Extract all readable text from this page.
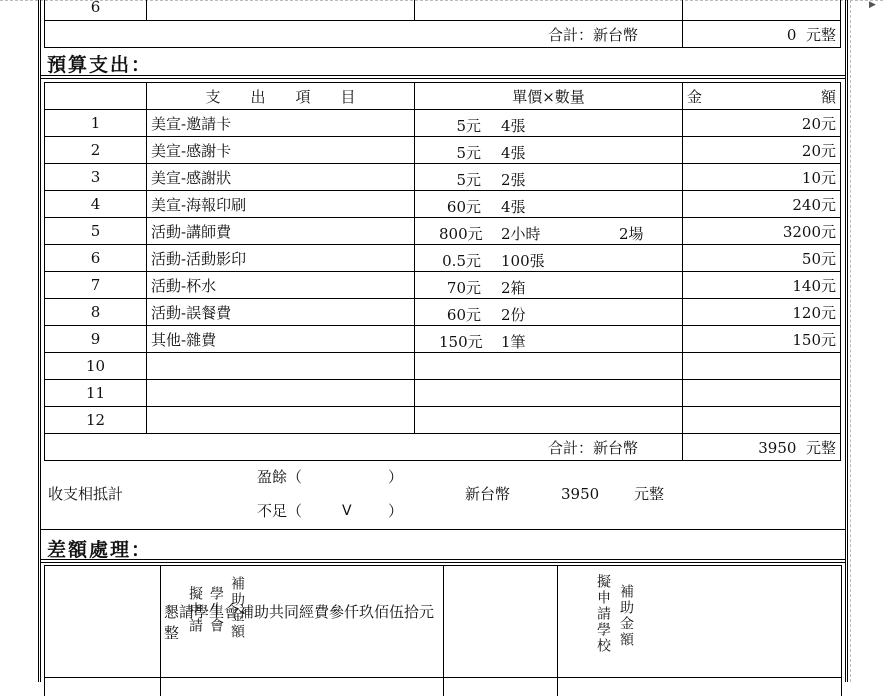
▶
6			
合計：新台幣			0 元整
預算支出：
	支　　出　　項　　目	單價×數量	金 額

1	美宣-邀請卡	5元 4張	20元
2	美宣-感謝卡	5元 4張	20元
3	美宣-感謝狀	5元 2張	10元
4	美宣-海報印刷	60元 4張	240元
5	活動-講師費	800元 2小時 2場	3200元
6	活動-活動影印	0.5元 100張	50元
7	活動-杯水	70元 2箱	140元
8	活動-誤餐費	60元 2份	120元
9	其他-雜費	150元 1筆	150元
10		

11		

12		

合計：新台幣			3950 元整
收支相抵計
盈餘（	）
不足（	V ）
新台幣	3950 元整
差額處理：
補助金額
學生會
擬申請
懇請學生會補助共同經費參仟玖佰伍拾元整	補助金額
擬申請學校
